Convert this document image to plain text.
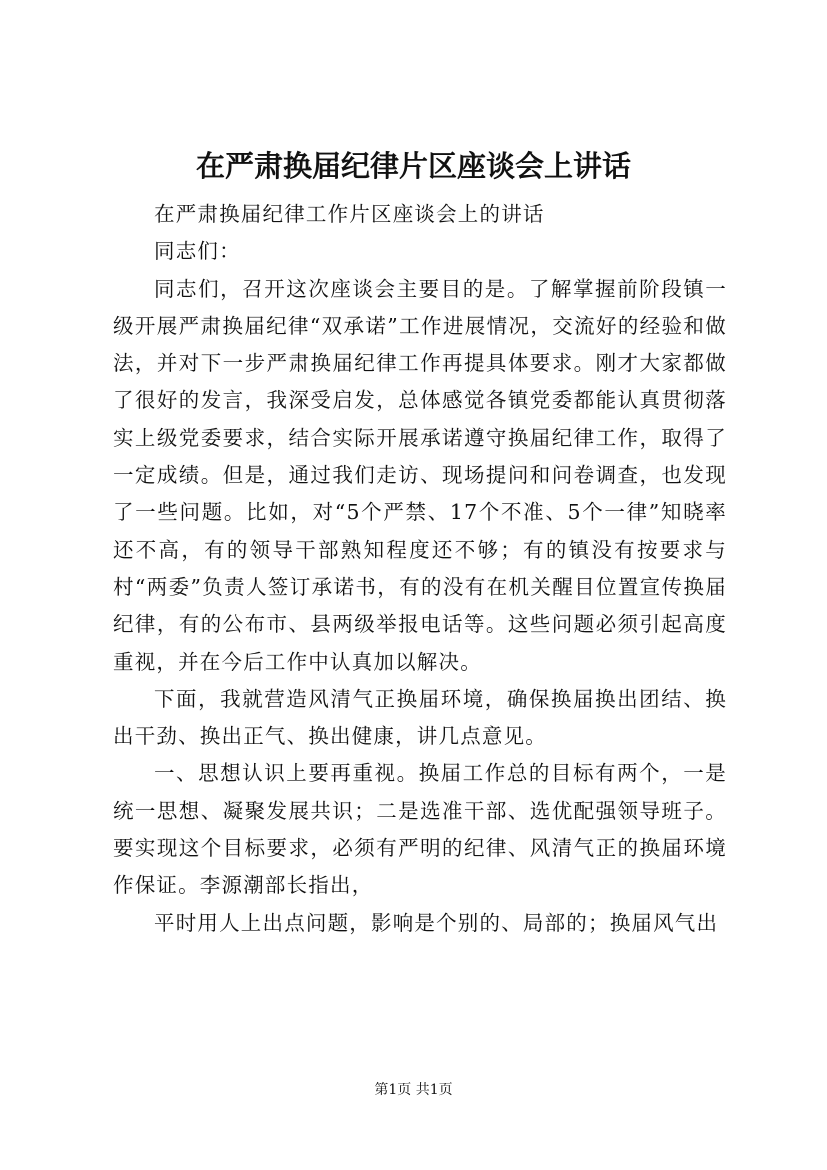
在严肃换届纪律片区座谈会上讲话

在严肃换届纪律工作片区座谈会上的讲话

同志们：

同志们，召开这次座谈会主要目的是。了解掌握前阶段镇一级开展严肃换届纪律“双承诺”工作进展情况，交流好的经验和做法，并对下一步严肃换届纪律工作再提具体要求。刚才大家都做了很好的发言，我深受启发，总体感觉各镇党委都能认真贯彻落实上级党委要求，结合实际开展承诺遵守换届纪律工作，取得了一定成绩。但是，通过我们走访、现场提问和问卷调查，也发现了一些问题。比如，对“5个严禁、17个不准、5个一律”知晓率还不高，有的领导干部熟知程度还不够；有的镇没有按要求与村“两委”负责人签订承诺书，有的没有在机关醒目位置宣传换届纪律，有的公布市、县两级举报电话等。这些问题必须引起高度重视，并在今后工作中认真加以解决。

下面，我就营造风清气正换届环境，确保换届换出团结、换出干劲、换出正气、换出健康，讲几点意见。

一、思想认识上要再重视。换届工作总的目标有两个，一是统一思想、凝聚发展共识；二是选准干部、选优配强领导班子。要实现这个目标要求，必须有严明的纪律、风清气正的换届环境作保证。李源潮部长指出，

平时用人上出点问题，影响是个别的、局部的；换届风气出

第1页 共1页
